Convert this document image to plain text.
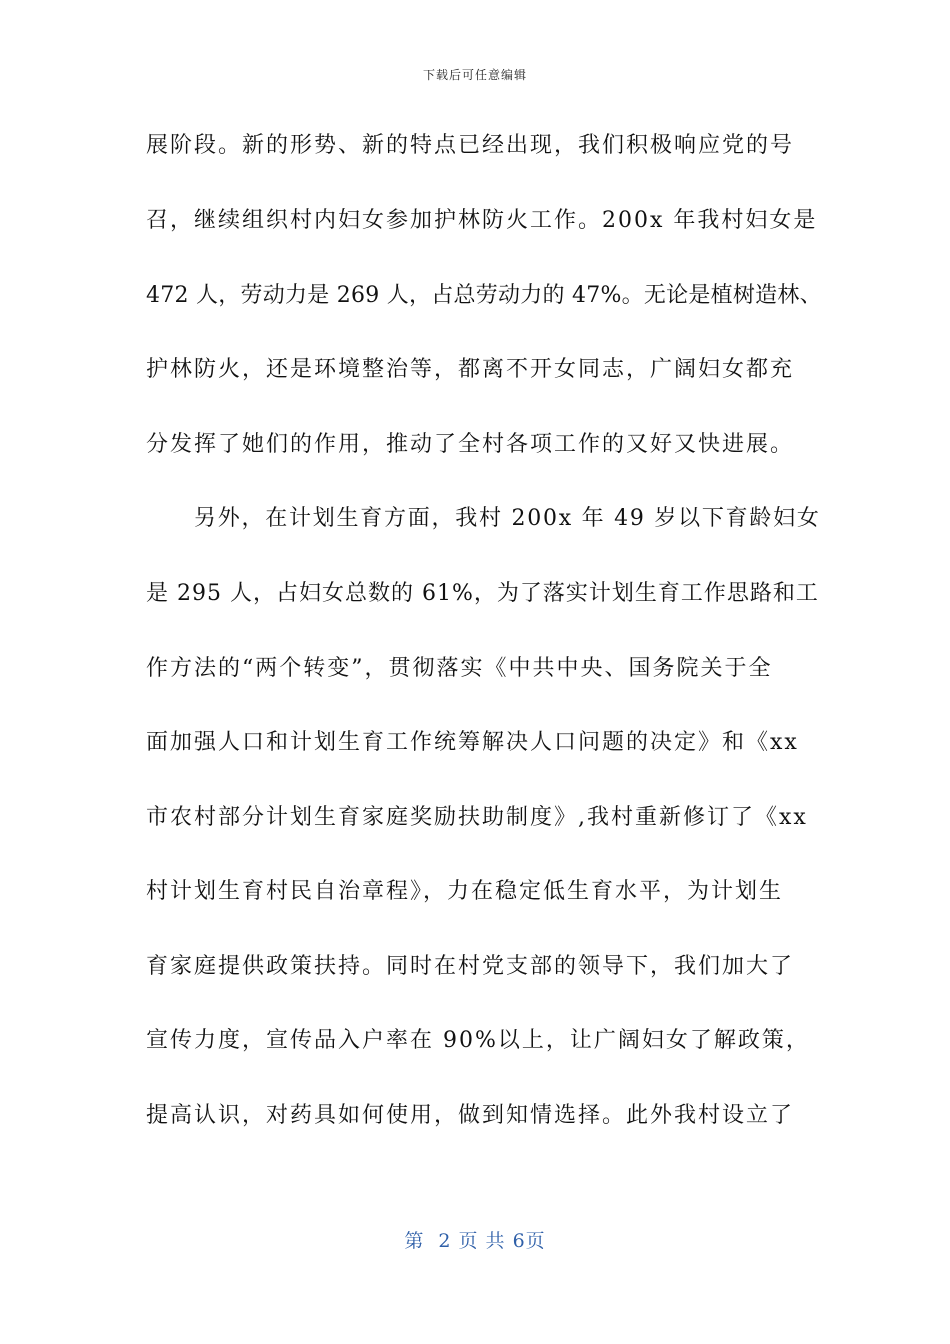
下载后可任意编辑
展阶段。新的形势、新的特点已经出现，我们积极响应党的号
召，继续组织村内妇女参加护林防火工作。200x 年我村妇女是
472 人，劳动力是 269 人，占总劳动力的 47%。无论是植树造林、
护林防火，还是环境整治等，都离不开女同志，广阔妇女都充
分发挥了她们的作用，推动了全村各项工作的又好又快进展。
另外，在计划生育方面，我村 200x 年 49 岁以下育龄妇女
是 295 人，占妇女总数的 61%，为了落实计划生育工作思路和工
作方法的“两个转变”，贯彻落实《中共中央、国务院关于全
面加强人口和计划生育工作统筹解决人口问题的决定》和《xx
市农村部分计划生育家庭奖励扶助制度》,我村重新修订了《xx
村计划生育村民自治章程》，力在稳定低生育水平，为计划生
育家庭提供政策扶持。同时在村党支部的领导下，我们加大了
宣传力度，宣传品入户率在 90%以上，让广阔妇女了解政策，
提高认识，对药具如何使用，做到知情选择。此外我村设立了
第  2 页 共 6页
